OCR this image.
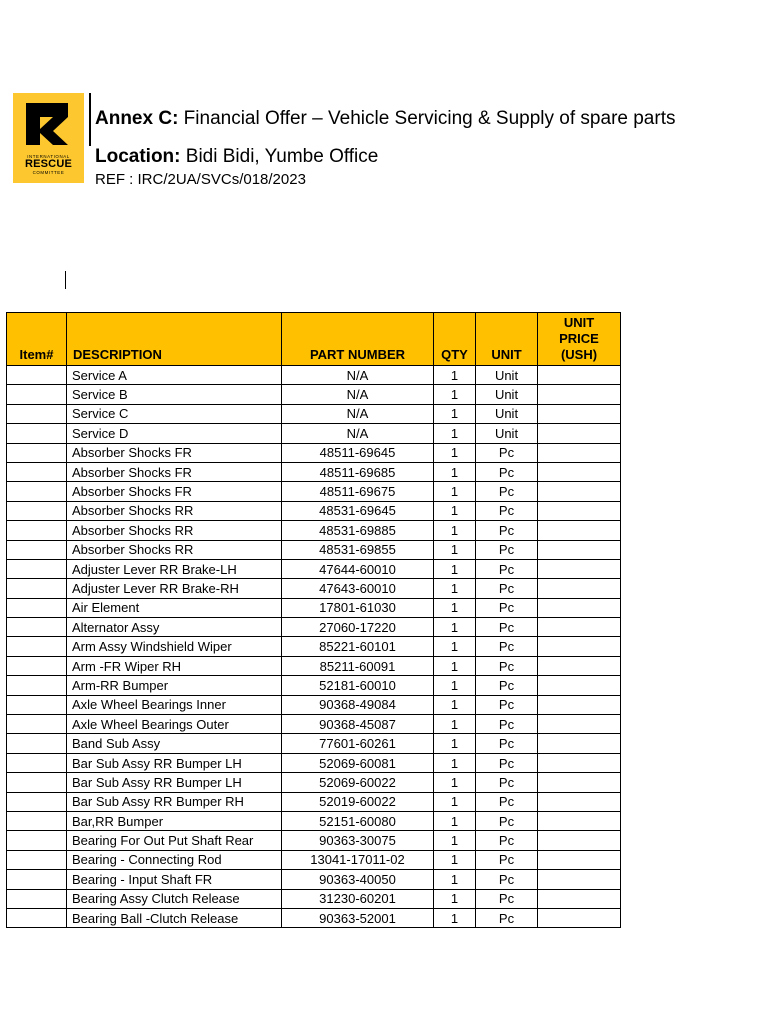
INTERNATIONAL
RESCUE
COMMITTEE
Annex C: Financial Offer – Vehicle Servicing & Supply of spare parts
Location: Bidi Bidi, Yumbe Office
REF : IRC/2UA/SVCs/018/2023
Item#	DESCRIPTION	PART NUMBER	QTY	UNIT	UNIT PRICE (USH)
	Service A	N/A	1	Unit	
	Service B	N/A	1	Unit	
	Service C	N/A	1	Unit	
	Service D	N/A	1	Unit	
	Absorber Shocks FR	48511-69645	1	Pc	
	Absorber Shocks FR	48511-69685	1	Pc	
	Absorber Shocks FR	48511-69675	1	Pc	
	Absorber Shocks RR	48531-69645	1	Pc	
	Absorber Shocks RR	48531-69885	1	Pc	
	Absorber Shocks RR	48531-69855	1	Pc	
	Adjuster Lever RR Brake-LH	47644-60010	1	Pc	
	Adjuster Lever RR Brake-RH	47643-60010	1	Pc	
	Air Element	17801-61030	1	Pc	
	Alternator Assy	27060-17220	1	Pc	
	Arm Assy Windshield Wiper	85221-60101	1	Pc	
	Arm -FR Wiper RH	85211-60091	1	Pc	
	Arm-RR Bumper	52181-60010	1	Pc	
	Axle Wheel Bearings Inner	90368-49084	1	Pc	
	Axle Wheel Bearings Outer	90368-45087	1	Pc	
	Band Sub Assy	77601-60261	1	Pc	
	Bar Sub Assy RR Bumper LH	52069-60081	1	Pc	
	Bar Sub Assy RR Bumper LH	52069-60022	1	Pc	
	Bar Sub Assy RR Bumper RH	52019-60022	1	Pc	
	Bar,RR Bumper	52151-60080	1	Pc	
	Bearing For Out Put Shaft Rear	90363-30075	1	Pc	
	Bearing - Connecting Rod	13041-17011-02	1	Pc	
	Bearing - Input Shaft FR	90363-40050	1	Pc	
	Bearing Assy Clutch Release	31230-60201	1	Pc	
	Bearing Ball -Clutch Release	90363-52001	1	Pc	
